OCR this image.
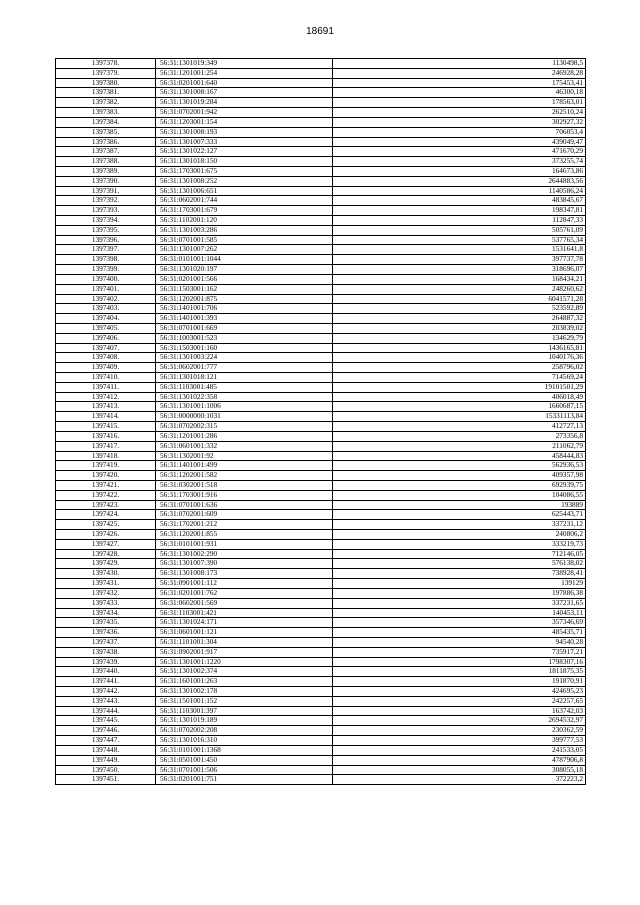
18691
1397378.	56:31:1301019:349	1130498,5
1397379.	56:31:1201001:254	246928,28
1397380.	56:31:0201001:640	175453,41
1397381.	56:31:1301008:167	46300,18
1397382.	56:31:1301019:284	178563,01
1397383.	56:31:0702001:942	262510,24
1397384.	56:31:1203001:154	302927,32
1397385.	56:31:1301008:193	706053,4
1397386.	56:31:1301007:333	439049,47
1397387.	56:31:1301022:127	471670,29
1397388.	56:31:1301018:150	373255,74
1397389.	56:31:1703001:675	164673,86
1397390.	56:31:1301008:252	2644883,56
1397391.	56:31:1301006:651	1140586,24
1397392.	56:31:0602001:744	483845,67
1397393.	56:31:1703001:679	198347,81
1397394.	56:31:1102001:120	112847,33
1397395.	56:31:1301003:286	505761,09
1397396.	56:31:0701001:585	537765,34
1397397.	56:31:1301007:262	1531641,8
1397398.	56:31:0101001:1044	397737,78
1397399.	56:31:1301020:197	318696,07
1397400.	56:31:0201001:566	168434,21
1397401.	56:31:1503001:162	248260,62
1397402.	56:31:1202001:875	6041571,28
1397403.	56:31:1401001:706	523592,89
1397404.	56:31:1401001:393	264887,32
1397405.	56:31:0701001:669	203839,02
1397406.	56:31:1003001:523	134629,79
1397407.	56:31:1503001:160	1436165,81
1397408.	56:31:1301003:224	1040176,36
1397409.	56:31:0602001:777	258796,02
1397410.	56:31:1301018:121	714569,24
1397411.	56:31:1103001:485	19101501,29
1397412.	56:31:1301022:358	406018,49
1397413.	56:31:1301001:1006	1660687,15
1397414.	56:31:0000000:1031	15331113,84
1397415.	56:31:0702002:315	412727,13
1397416.	56:31:1201001:286	273356,8
1397417.	56:31:0601001:332	211062,79
1397418.	56:31:1302001:92	458444,83
1397419.	56:31:1401001:499	562936,53
1397420.	56:31:1202001:582	409357,98
1397421.	56:31:0302001:518	692939,75
1397422.	56:31:1703001:916	104086,55
1397423.	56:31:0701001:636	193889
1397424.	56:31:0702001:609	625443,71
1397425.	56:31:1702001:212	337231,12
1397426.	56:31:1202001:855	240806,2
1397427.	56:31:0101001:931	333219,73
1397428.	56:31:1301002:290	712146,05
1397429.	56:31:1301007:390	576138,02
1397430.	56:31:1301008:173	738928,41
1397431.	56:31:0901001:112	139129
1397432.	56:31:0201001:762	197886,38
1397433.	56:31:0602001:569	337231,65
1397434.	56:31:1103001:421	140453,11
1397435.	56:31:1301024:171	357346,69
1397436.	56:31:0601001:121	485435,71
1397437.	56:31:1101001:304	94540,28
1397438.	56:31:0902001:917	735917,21
1397439.	56:31:1301001:1220	1798307,16
1397440.	56:31:1301002:374	1811875,35
1397441.	56:31:1601001:263	191870,91
1397442.	56:31:1301002:178	424695,23
1397443.	56:31:1501001:152	242257,65
1397444.	56:31:1103001:397	163742,03
1397445.	56:31:1301019:189	2694532,97
1397446.	56:31:0702002:208	230362,59
1397447.	56:31:1301016:310	399777,53
1397448.	56:31:0101001:1368	241533,05
1397449.	56:31:0501001:450	4787906,8
1397450.	56:31:0701001:506	308055,18
1397451.	56:31:0201001:751	372223,2
